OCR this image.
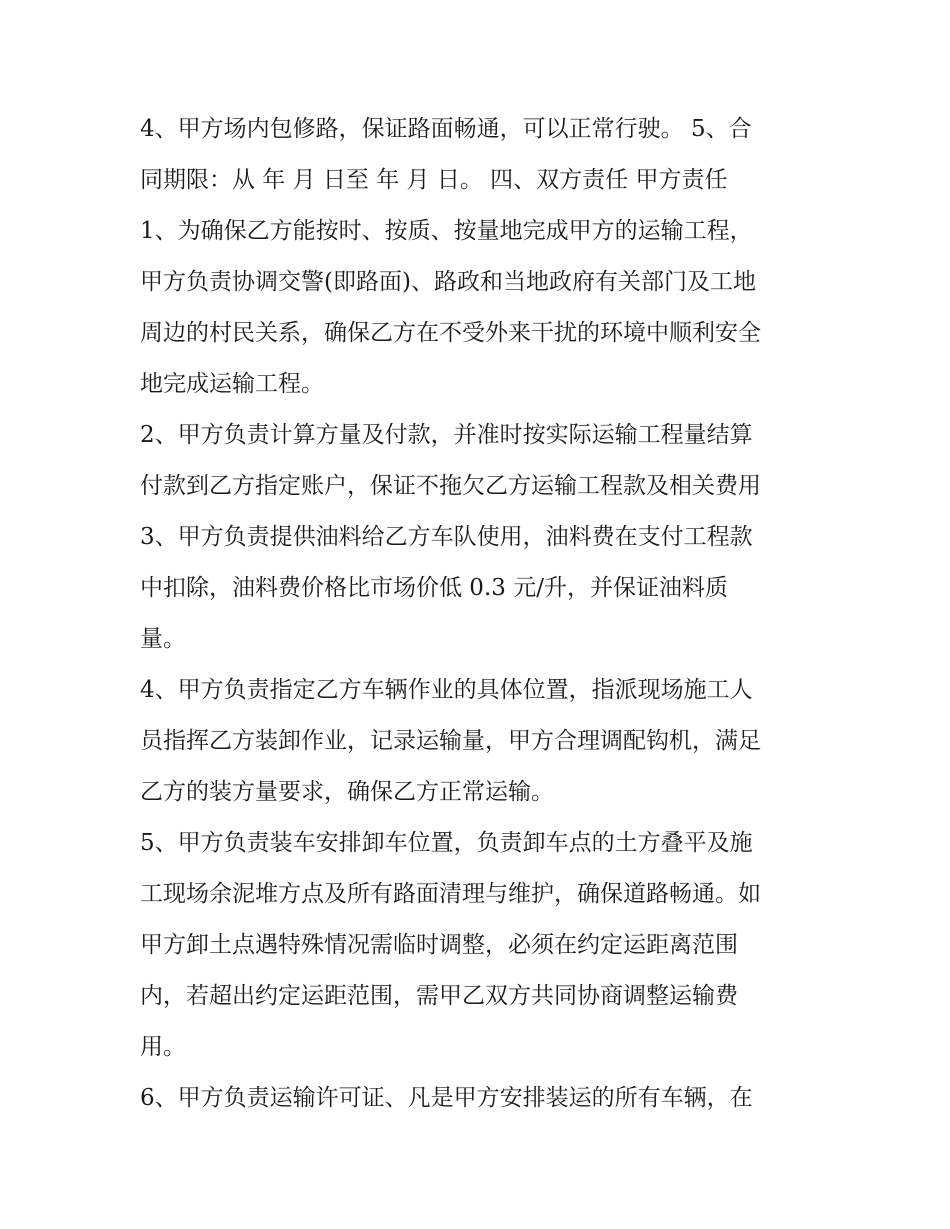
4、甲方场内包修路，保证路面畅通，可以正常行驶。 5、合
同期限：从 年 月 日至 年 月 日。 四、双方责任 甲方责任

1、为确保乙方能按时、按质、按量地完成甲方的运输工程，
甲方负责协调交警(即路面)、路政和当地政府有关部门及工地
周边的村民关系，确保乙方在不受外来干扰的环境中顺利安全
地完成运输工程。

2、甲方负责计算方量及付款，并准时按实际运输工程量结算
付款到乙方指定账户，保证不拖欠乙方运输工程款及相关费用

3、甲方负责提供油料给乙方车队使用，油料费在支付工程款
中扣除，油料费价格比市场价低 0.3 元/升，并保证油料质
量。

4、甲方负责指定乙方车辆作业的具体位置，指派现场施工人
员指挥乙方装卸作业，记录运输量，甲方合理调配钩机，满足
乙方的装方量要求，确保乙方正常运输。

5、甲方负责装车安排卸车位置，负责卸车点的土方叠平及施
工现场余泥堆方点及所有路面清理与维护，确保道路畅通。如
甲方卸土点遇特殊情况需临时调整，必须在约定运距离范围
内，若超出约定运距范围，需甲乙双方共同协商调整运输费
用。

6、甲方负责运输许可证、凡是甲方安排装运的所有车辆，在
